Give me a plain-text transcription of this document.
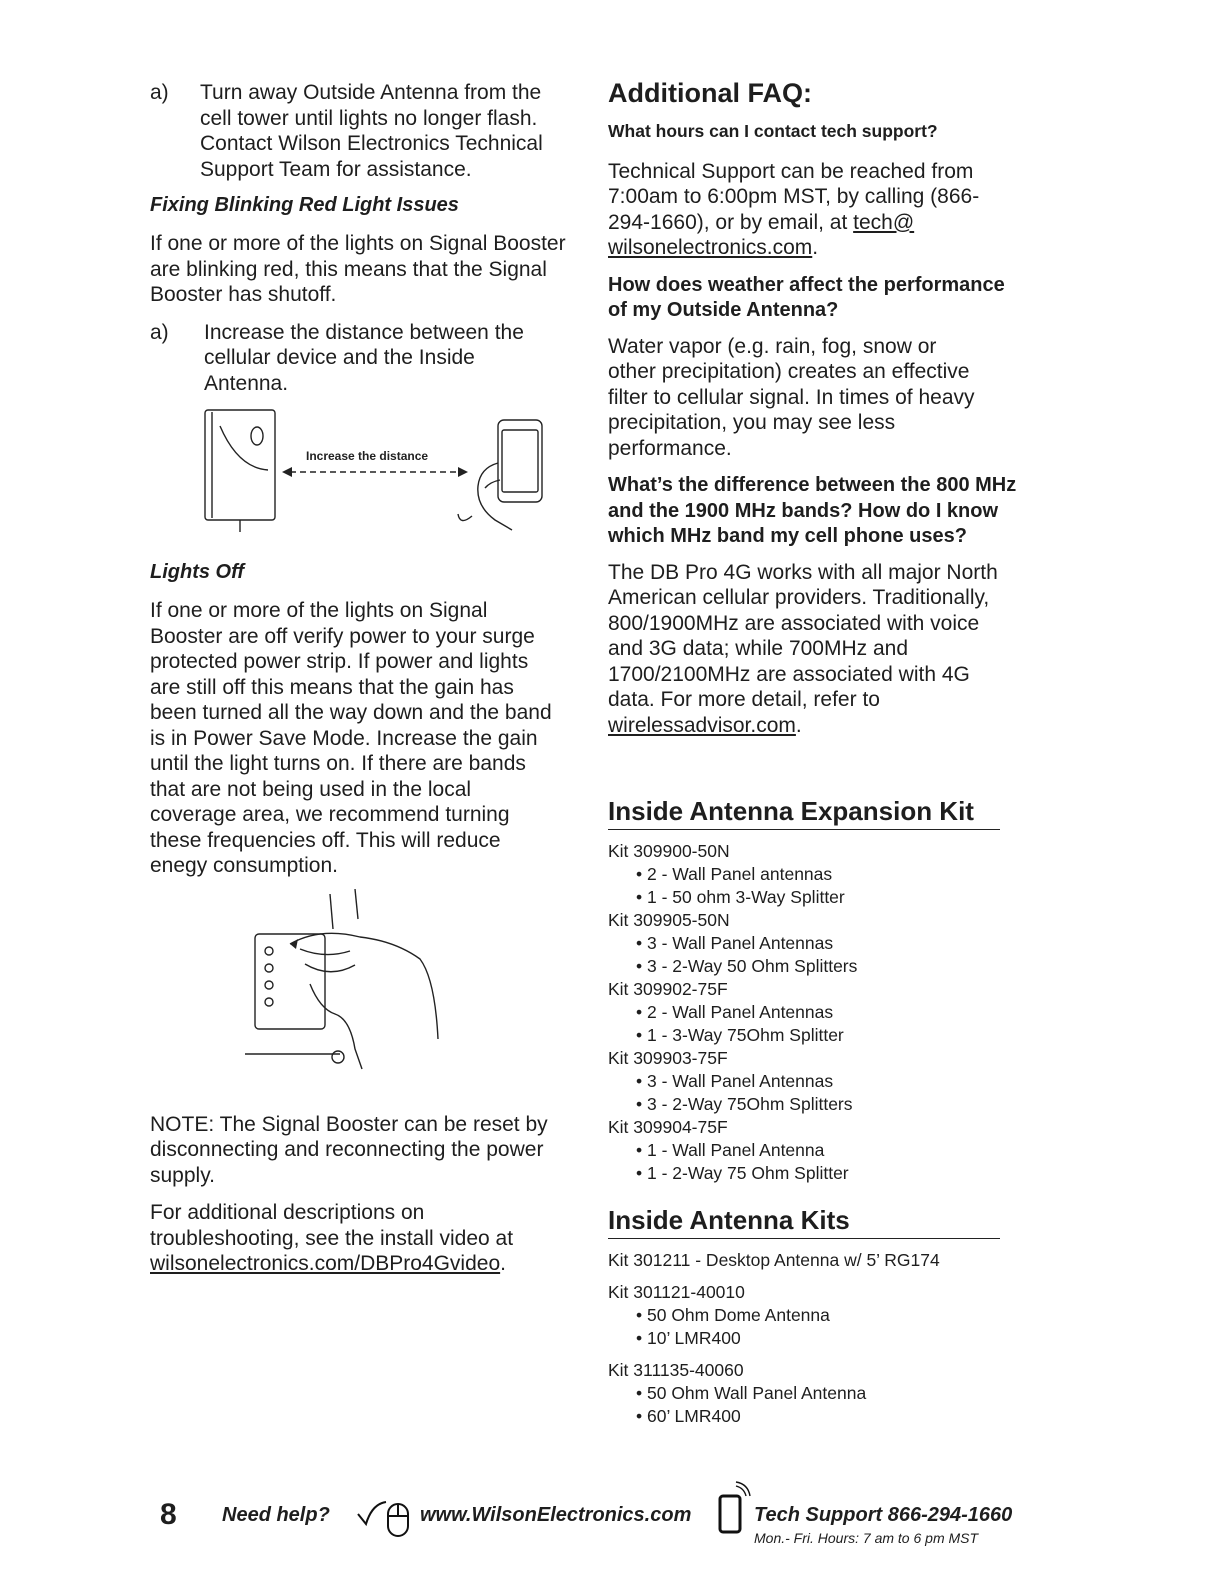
a)	Turn away Outside Antenna from the cell tower until lights no longer flash. Contact Wilson Electronics Technical Support Team for assistance.

Fixing Blinking Red Light Issues

If one or more of the lights on Signal Booster are blinking red, this means that the Signal Booster has shutoff.

a)	Increase the distance between the cellular device and the Inside Antenna.
Increase the distance

Lights Off

If one or more of the lights on Signal Booster are off verify power to your surge protected power strip. If power and lights are still off this means that the gain has been turned all the way down and the band is in Power Save Mode. Increase the gain until the light turns on. If there are bands that are not being used in the local coverage area, we recommend turning these frequencies off. This will reduce enegy consumption.

NOTE: The Signal Booster can be reset by disconnecting and reconnecting the power supply.

For additional descriptions on troubleshooting, see the install video at wilsonelectronics.com/DBPro4Gvideo.

Additional FAQ:

What hours can I contact tech support?

Technical Support can be reached from 7:00am to 6:00pm MST, by calling (866-294-1660), or by email, at tech@ wilsonelectronics.com.

How does weather affect the performance of my Outside Antenna?

Water vapor (e.g. rain, fog, snow or other precipitation) creates an effective filter to cellular signal. In times of heavy precipitation, you may see less performance.

What’s the difference between the 800 MHz and the 1900 MHz bands? How do I know which MHz band my cell phone uses?

The DB Pro 4G works with all major North American cellular providers. Traditionally, 800/1900MHz are associated with voice and 3G data; while 700MHz and 1700/2100MHz are associated with 4G data. For more detail, refer to wirelessadvisor.com.

Inside Antenna Expansion Kit

Kit 309900-50N
• 2 - Wall Panel antennas
• 1 - 50 ohm 3-Way Splitter
Kit 309905-50N
• 3 - Wall Panel Antennas
• 3 - 2-Way 50 Ohm Splitters
Kit 309902-75F
• 2 - Wall Panel Antennas
• 1 - 3-Way 75Ohm Splitter
Kit 309903-75F
• 3 - Wall Panel Antennas
• 3 - 2-Way 75Ohm Splitters
Kit 309904-75F
• 1 - Wall Panel Antenna
• 1 - 2-Way 75 Ohm Splitter

Inside Antenna Kits

Kit 301211 - Desktop Antenna w/ 5’ RG174
Kit 301121-40010
• 50 Ohm Dome Antenna
• 10’ LMR400
Kit 311135-40060
• 50 Ohm Wall Panel Antenna
• 60’ LMR400
8 Need help?	www.WilsonElectronics.com	Tech Support 866-294-1660
Mon.- Fri. Hours: 7 am to 6 pm MST
